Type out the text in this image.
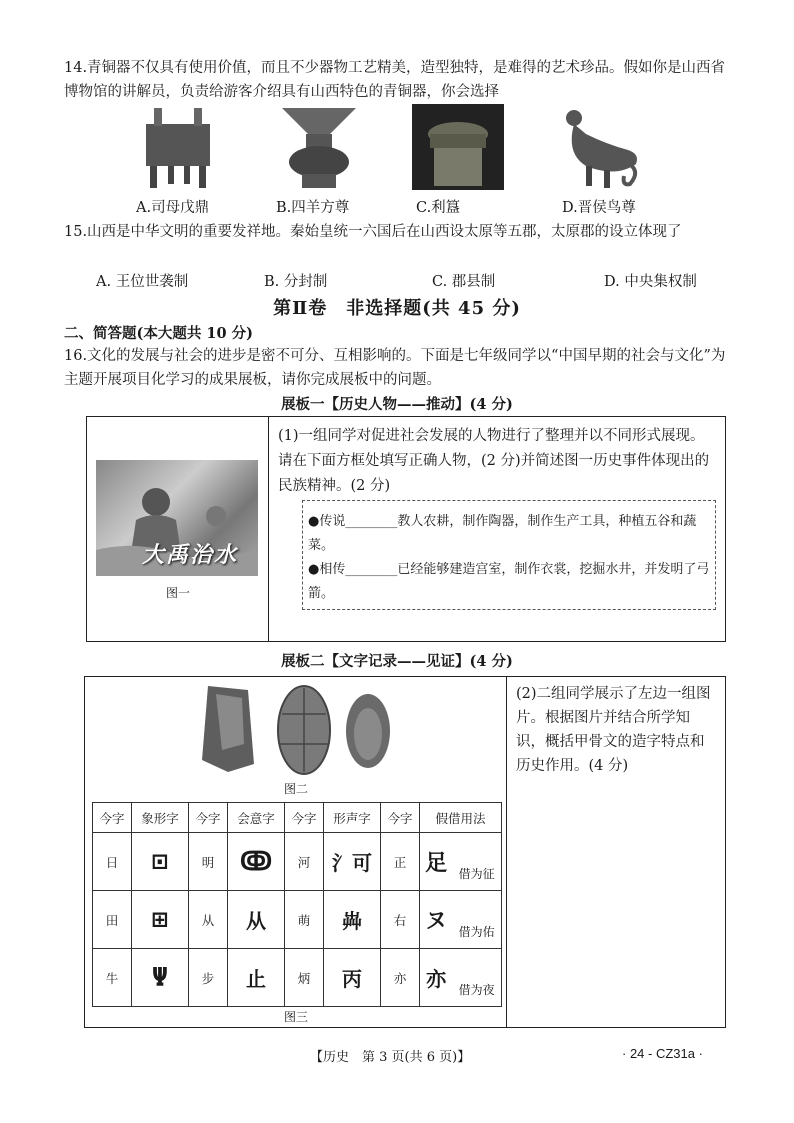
14.青铜器不仅具有使用价值，而且不少器物工艺精美，造型独特，是难得的艺术珍品。假如你是山西省博物馆的讲解员，负责给游客介绍具有山西特色的青铜器，你会选择
A.司母戊鼎	B.四羊方尊	C.利簋	D.晋侯鸟尊
15.山西是中华文明的重要发祥地。秦始皇统一六国后在山西设太原等五郡，太原郡的设立体现了
A. 王位世袭制	B. 分封制	C. 郡县制	D. 中央集权制
第Ⅱ卷　非选择题(共 45 分)
二、简答题(本大题共 10 分)
16.文化的发展与社会的进步是密不可分、互相影响的。下面是七年级同学以“中国早期的社会与文化”为主题开展项目化学习的成果展板，请你完成展板中的问题。
展板一【历史人物——推动】(4 分)
大禹治水
图一
(1)一组同学对促进社会发展的人物进行了整理并以不同形式展现。请在下面方框处填写正确人物，(2 分)并简述图一历史事件体现出的民族精神。(2 分)
●传说________教人农耕，制作陶器，制作生产工具，种植五谷和蔬菜。
●相传________已经能够建造宫室，制作衣裳，挖掘水井，并发明了弓箭。
展板二【文字记录——见证】(4 分)
图二
(2)二组同学展示了左边一组图片。根据图片并结合所学知识，概括甲骨文的造字特点和历史作用。(4 分)
今字	象形字	今字	会意字	今字	形声字	今字	假借用法	
日	⊡	明	ↂ	河	氵可	正	足	借为征
田	⊞	从	从	萌	芔	右	ヌ	借为佑
牛	Ψ	步	止	炳	丙	亦	亦	借为夜
图三
【历史　第 3 页(共 6 页)】	· 24 - CZ31a ·
